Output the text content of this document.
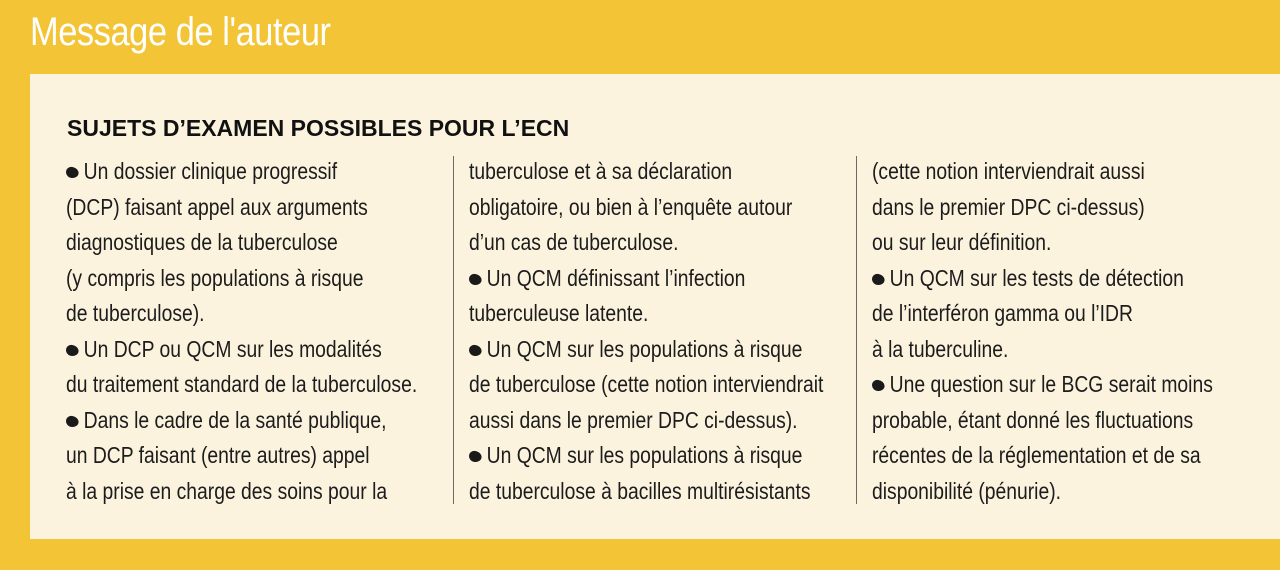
Message de l'auteur
SUJETS D’EXAMEN POSSIBLES POUR L’ECN
Un dossier clinique progressif
(DCP) faisant appel aux arguments
diagnostiques de la tuberculose
(y compris les populations à risque
de tuberculose).
Un DCP ou QCM sur les modalités
du traitement standard de la tuberculose.
Dans le cadre de la santé publique,
un DCP faisant (entre autres) appel
à la prise en charge des soins pour la
tuberculose et à sa déclaration
obligatoire, ou bien à l’enquête autour
d’un cas de tuberculose.
Un QCM définissant l’infection
tuberculeuse latente.
Un QCM sur les populations à risque
de tuberculose (cette notion interviendrait
aussi dans le premier DPC ci-dessus).
Un QCM sur les populations à risque
de tuberculose à bacilles multirésistants
(cette notion interviendrait aussi
dans le premier DPC ci-dessus)
ou sur leur définition.
Un QCM sur les tests de détection
de l’interféron gamma ou l’IDR
à la tuberculine.
Une question sur le BCG serait moins
probable, étant donné les fluctuations
récentes de la réglementation et de sa
disponibilité (pénurie).
